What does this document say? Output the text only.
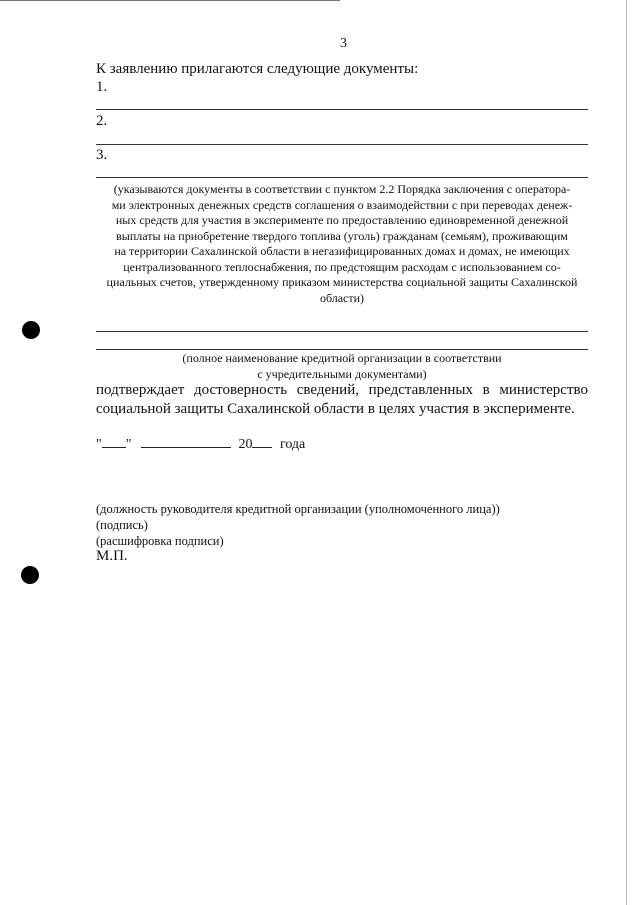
3
К заявлению прилагаются следующие документы:
1.
2.
3.
(указываются документы в соответствии с пунктом 2.2 Порядка заключения с оператора-
ми электронных денежных средств соглашения о взаимодействии с при переводах денеж-
ных средств для участия в эксперименте по предоставлению единовременной денежной
выплаты на приобретение твердого топлива (уголь) гражданам (семьям), проживающим
на территории Сахалинской области в негазифицированных домах и домах, не имеющих
централизованного теплоснабжения, по предстоящим расходам с использованием со-
циальных счетов, утвержденному приказом министерства социальной защиты Сахалинской
области)
(полное наименование кредитной организации в соответствии
с учредительными документами)
подтверждает достоверность сведений, представленных в министерство
социальной защиты Сахалинской области в целях участия в эксперименте.
" "	20 года
(должность руководителя кредитной организации (уполномоченного лица))
(подпись)
(расшифровка подписи)
М.П.
